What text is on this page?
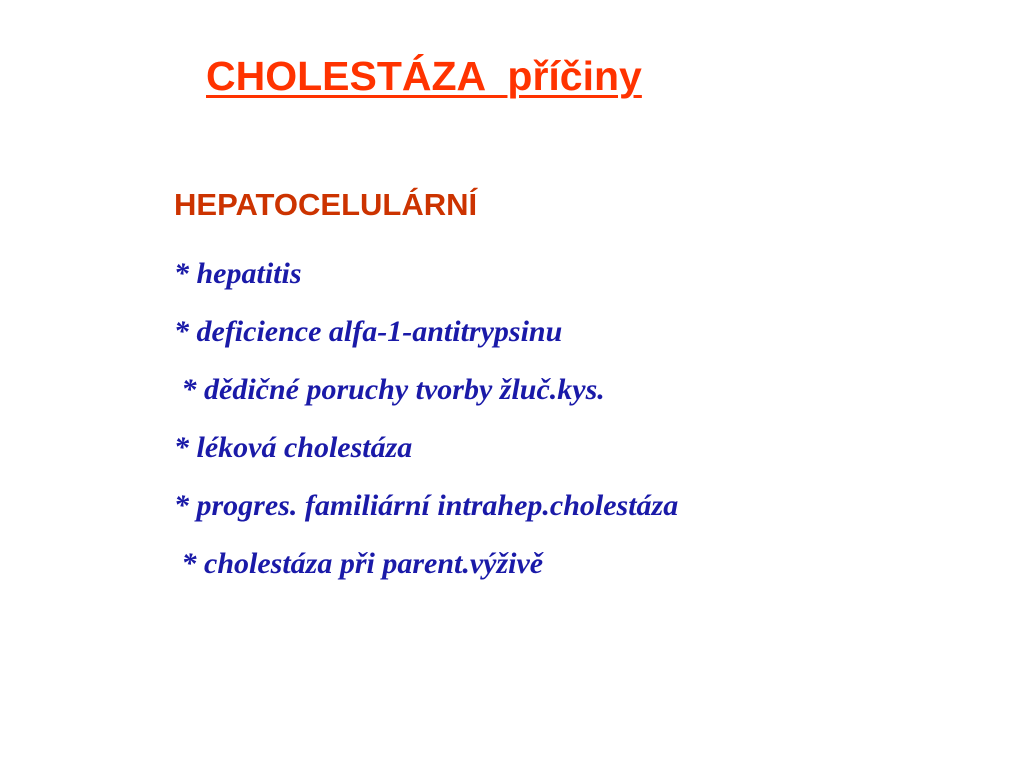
CHOLESTÁZA  příčiny
HEPATOCELULÁRNÍ
* hepatitis
* deficience alfa-1-antitrypsinu
* dědičné poruchy tvorby žluč.kys.
* léková cholestáza
* progres. familiární intrahep.cholestáza
* cholestáza při parent.výživě
